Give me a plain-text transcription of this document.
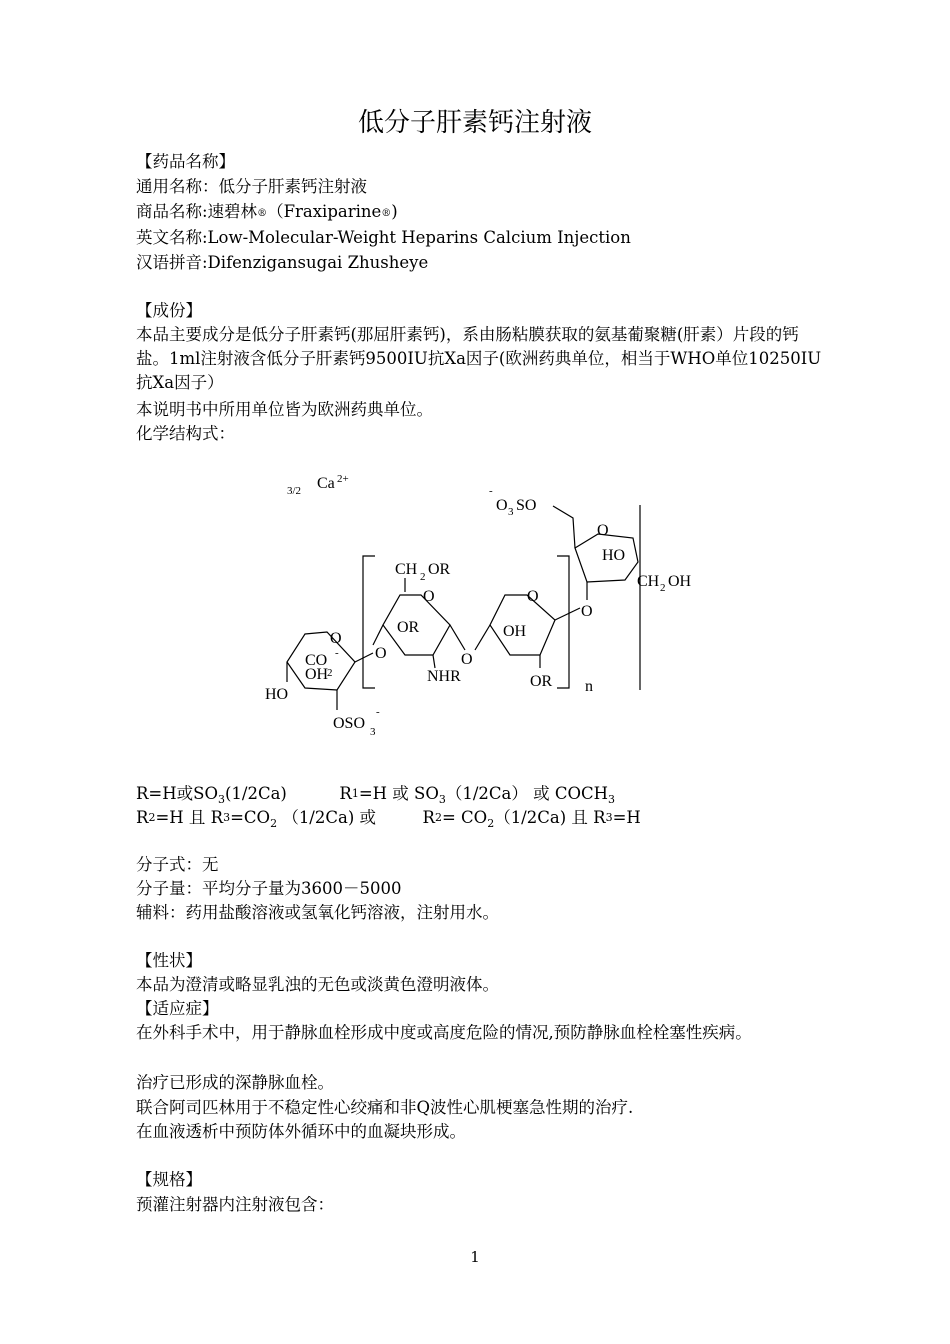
低分子肝素钙注射液
【药品名称】
通用名称：低分子肝素钙注射液
商品名称:速碧林®（Fraxiparine®)
英文名称:Low-Molecular-Weight Heparins Calcium Injection
汉语拼音:Difenzigansugai Zhusheye
【成份】
本品主要成分是低分子肝素钙(那屈肝素钙)，系由肠粘膜获取的氨基葡聚糖(肝素）片段的钙盐。1ml注射液含低分子肝素钙9500IU抗Xa因子(欧洲药典单位，相当于WHO单位10250IU抗Xa因子）
本说明书中所用单位皆为欧洲药典单位。
化学结构式：
3/2 Ca 2+
-
O 3 SO
O
HO
CH 2 OH
O
n
CH 2 OR
O
OR
NHR
O
O
OH
OR
O
O
CO -
OH
2
HO
OSO 3
-
R=H或$SO_3(1/2Ca)$	R1=H 或 $SO_3(1/2Ca)$ 或 $COCH_3$
R2=H 且 $R3=CO_2$ （1/2Ca) 或	$R2= CO_2(1/2Ca)$ 且 R3=H
分子式：无
分子量：平均分子量为3600－5000
辅料：药用盐酸溶液或氢氧化钙溶液，注射用水。
【性状】
本品为澄清或略显乳浊的无色或淡黄色澄明液体。
【适应症】
在外科手术中，用于静脉血栓形成中度或高度危险的情况,预防静脉血栓栓塞性疾病。
治疗已形成的深静脉血栓。
联合阿司匹林用于不稳定性心绞痛和非Q波性心肌梗塞急性期的治疗.
在血液透析中预防体外循环中的血凝块形成。
【规格】
预灌注射器内注射液包含：
1
